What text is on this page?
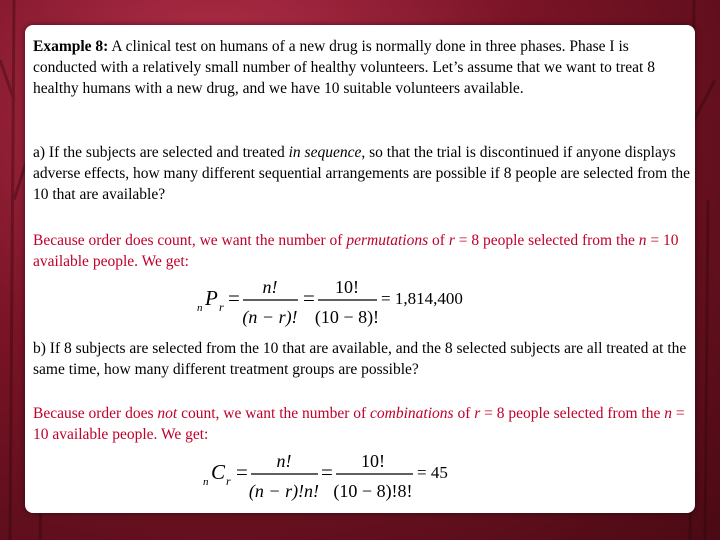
Example 8: A clinical test on humans of a new drug is normally done in three phases. Phase I is conducted with a relatively small number of healthy volunteers. Let’s assume that we want to treat 8 healthy humans with a new drug, and we have 10 suitable volunteers available.
a) If the subjects are selected and treated in sequence, so that the trial is discontinued if anyone displays adverse effects, how many different sequential arrangements are possible if 8 people are selected from the 10 that are available?
Because order does count, we want the number of permutations of r = 8 people selected from the n = 10 available people. We get:
n P r = n!
(n − r)!
= 10!
(10 − 8)!
= 1,814,400
b) If 8 subjects are selected from the 10 that are available, and the 8 selected subjects are all treated at the same time, how many different treatment groups are possible?
Because order does not count, we want the number of combinations of r = 8 people selected from the n = 10 available people. We get:
n C r = n!
(n − r)!n!
= 10!
(10 − 8)!8!
= 45
